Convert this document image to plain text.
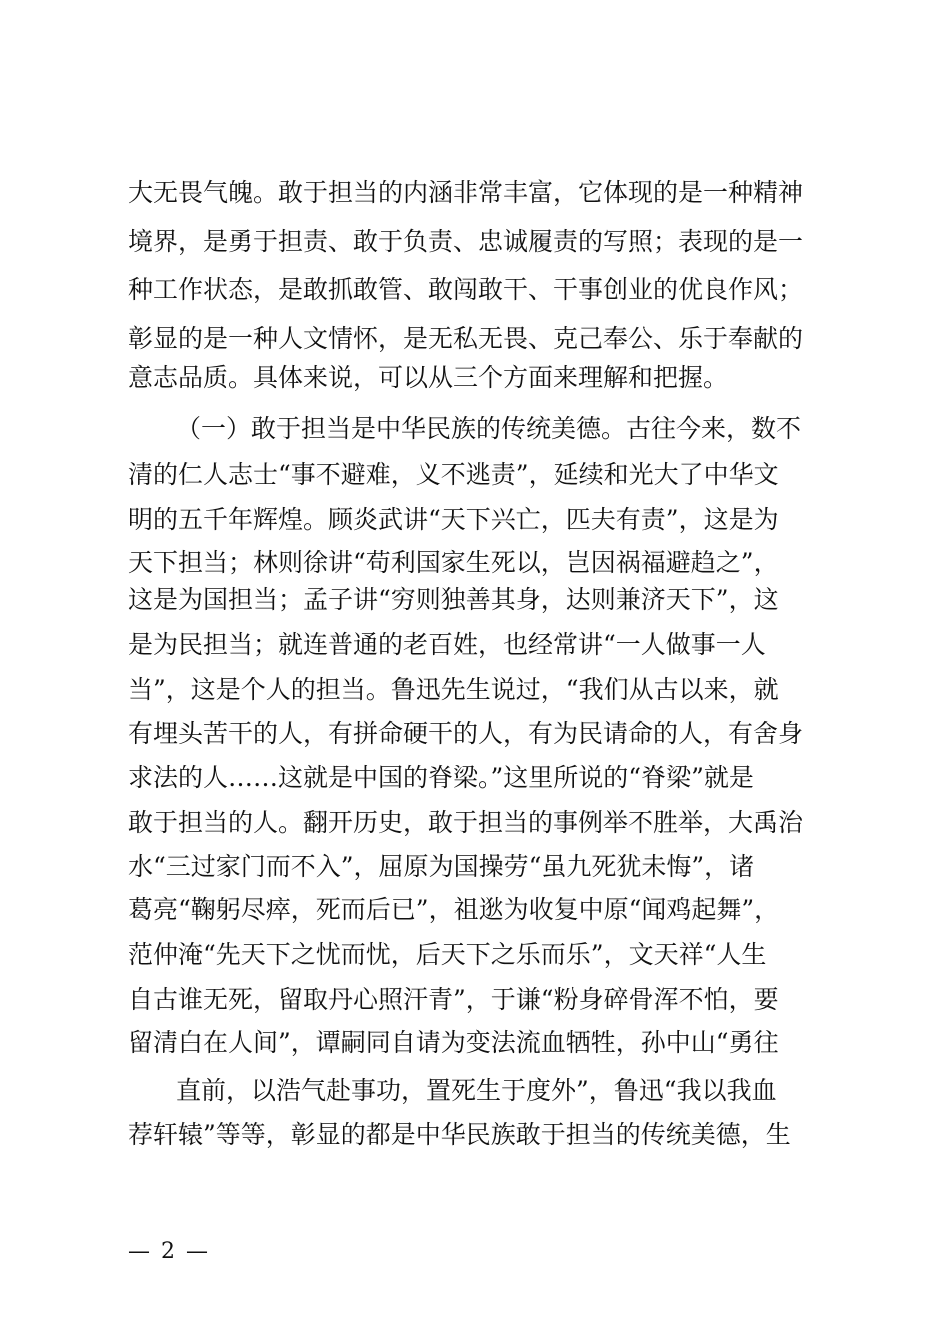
大无畏气魄。敢于担当的内涵非常丰富，它体现的是一种精神
境界，是勇于担责、敢于负责、忠诚履责的写照；表现的是一
种工作状态，是敢抓敢管、敢闯敢干、干事创业的优良作风；
彰显的是一种人文情怀，是无私无畏、克己奉公、乐于奉献的
意志品质。具体来说，可以从三个方面来理解和把握。
（一）敢于担当是中华民族的传统美德。古往今来，数不
清的仁人志士“事不避难，义不逃责”，延续和光大了中华文
明的五千年辉煌。顾炎武讲“天下兴亡，匹夫有责”，这是为
天下担当；林则徐讲“苟利国家生死以，岂因祸福避趋之”，
这是为国担当；孟子讲“穷则独善其身，达则兼济天下”，这
是为民担当；就连普通的老百姓，也经常讲“一人做事一人
当”，这是个人的担当。鲁迅先生说过，“我们从古以来，就
有埋头苦干的人，有拼命硬干的人，有为民请命的人，有舍身
求法的人……这就是中国的脊梁。”这里所说的“脊梁”就是
敢于担当的人。翻开历史，敢于担当的事例举不胜举，大禹治
水“三过家门而不入”，屈原为国操劳“虽九死犹未悔”，诸
葛亮“鞠躬尽瘁，死而后已”，祖逖为收复中原“闻鸡起舞”，
范仲淹“先天下之忧而忧，后天下之乐而乐”，文天祥“人生
自古谁无死，留取丹心照汗青”，于谦“粉身碎骨浑不怕，要
留清白在人间”，谭嗣同自请为变法流血牺牲，孙中山“勇往
直前，以浩气赴事功，置死生于度外”，鲁迅“我以我血
荐轩辕”等等，彰显的都是中华民族敢于担当的传统美德，生
— 2 —
